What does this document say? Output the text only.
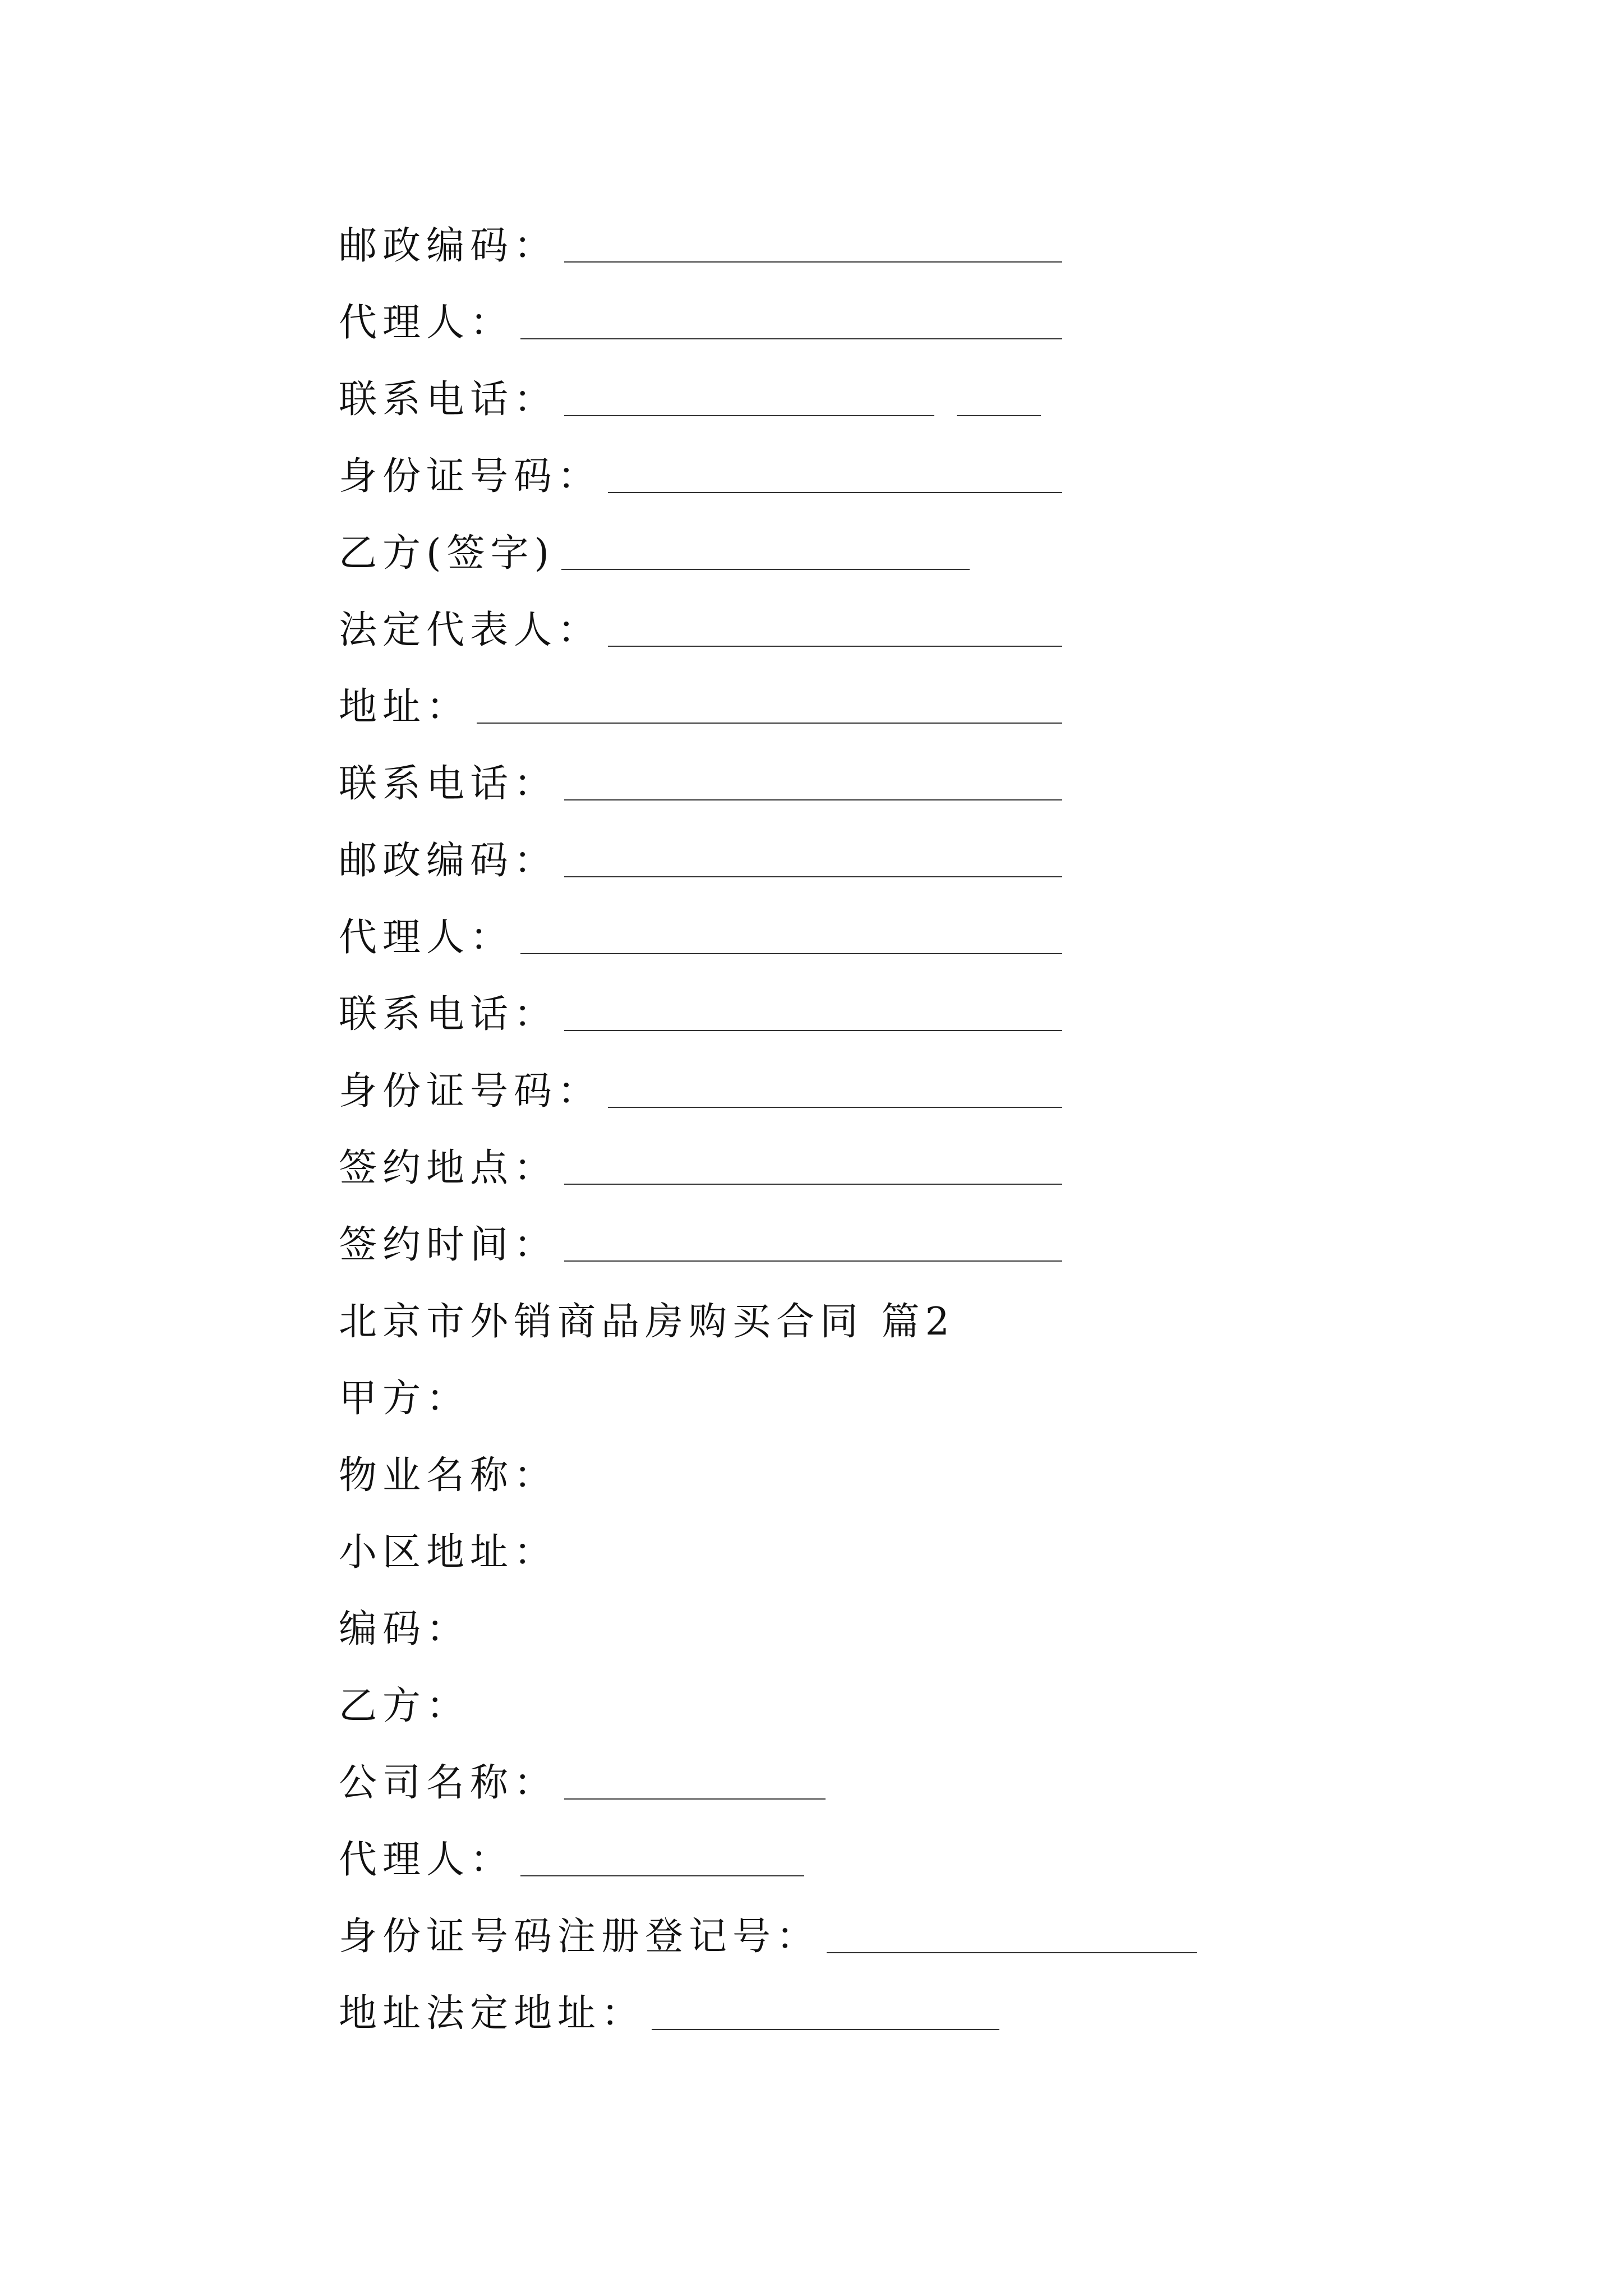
邮政编码：
代理人：
联系电话：
身份证号码：
乙方(签字)
法定代表人：
地址：
联系电话：
邮政编码：
代理人：
联系电话：
身份证号码：
签约地点：
签约时间：
北京市外销商品房购买合同 篇2
甲方：
物业名称：
小区地址：
编码：
乙方：
公司名称：
代理人：
身份证号码注册登记号：
地址法定地址：
